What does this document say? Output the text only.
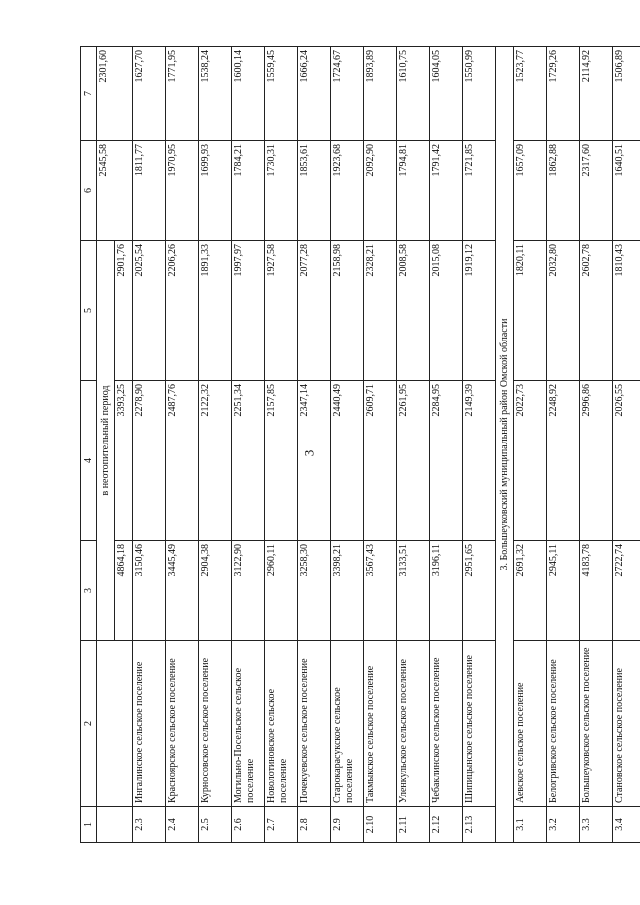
3
1	2	3	4	5	6	7
		в неотопительный период			2545,58	2301,60
		4864,18	3393,25	2901,76		
2.3	Ингалинское сельское поселение	3150,46	2278,90	2025,54	1811,77	1627,70
2.4	Красноярское сельское поселение	3445,49	2487,76	2206,26	1970,95	1771,95
2.5	Курносовское сельское поселение	2904,38	2122,32	1891,33	1699,93	1538,24
2.6	Могильно-Посельское сельское поселение	3122,90	2251,34	1997,97	1784,21	1600,14
2.7	Новолотиновское сельское поселение	2960,11	2157,85	1927,58	1730,31	1559,45
2.8	Почекуевское сельское поселение	3258,30	2347,14	2077,28	1853,61	1666,24
2.9	Старокарасукское сельское поселение	3398,21	2440,49	2158,98	1923,68	1724,67
2.10	Такмыкское сельское поселение	3567,43	2609,71	2328,21	2092,90	1893,89
2.11	Уленкульское сельское поселение	3133,51	2261,95	2008,58	1794,81	1610,75
2.12	Чебаклинское сельское поселение	3196,11	2284,95	2015,08	1791,42	1604,05
2.13	Шипицынское сельское поселение	2951,65	2149,39	1919,12	1721,85	1550,99
3. Большеуковский муниципальный район Омской области						
3.1	Аевское сельское поселение	2691,32	2022,73	1820,11	1657,09	1523,77
3.2	Белогривское сельское поселение	2945,11	2248,92	2032,80	1862,88	1729,26
3.3	Большеуковское сельское поселение	4183,78	2996,86	2602,78	2317,60	2114,92
3.4	Становское сельское поселение	2722,74	2026,55	1810,43	1640,51	1506,89
